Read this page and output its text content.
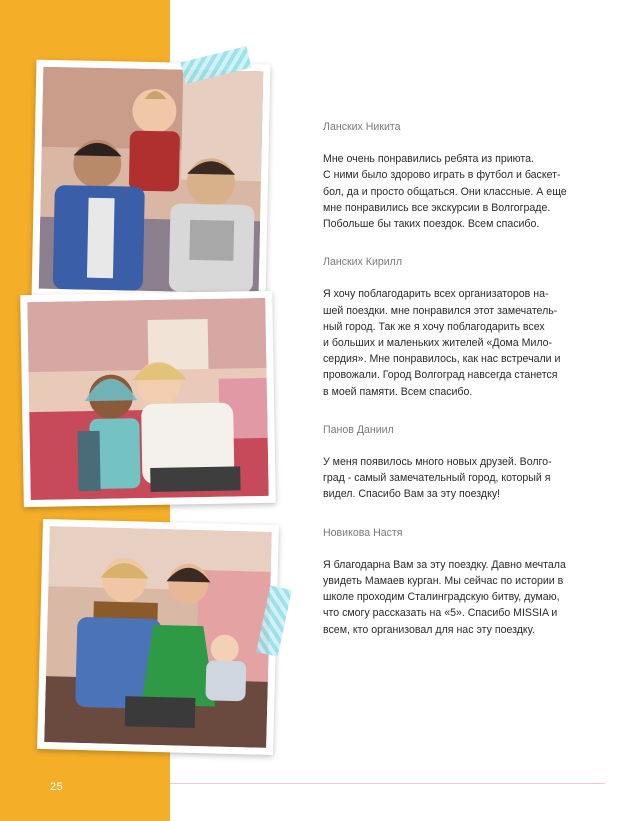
Ланских Никита

Мне очень понравились ребята из приюта.
С ними было здорово играть в футбол и баскет-
бол, да и просто общаться. Они классные. А еще
мне понравились все экскурсии в Волгограде.
Побольше бы таких поездок. Всем спасибо.

Ланских Кирилл

Я хочу поблагодарить всех организаторов на-
шей поездки. мне понравился этот замечатель-
ный город. Так же я хочу поблагодарить всех
и больших и маленьких жителей «Дома Мило-
сердия». Мне понравилось, как нас встречали и
провожали. Город Волгоград навсегда станется
в моей памяти. Всем спасибо.

Панов Даниил

У меня появилось много новых друзей. Волго-
град - самый замечательный город, который я
видел. Спасибо Вам за эту поездку!

Новикова Настя

Я благодарна Вам за эту поездку. Давно мечтала
увидеть Мамаев курган. Мы сейчас по истории в
школе проходим Сталинградскую битву, думаю,
что смогу рассказать на «5». Спасибо MISSIA и
всем, кто организовал для нас эту поездку.

25
